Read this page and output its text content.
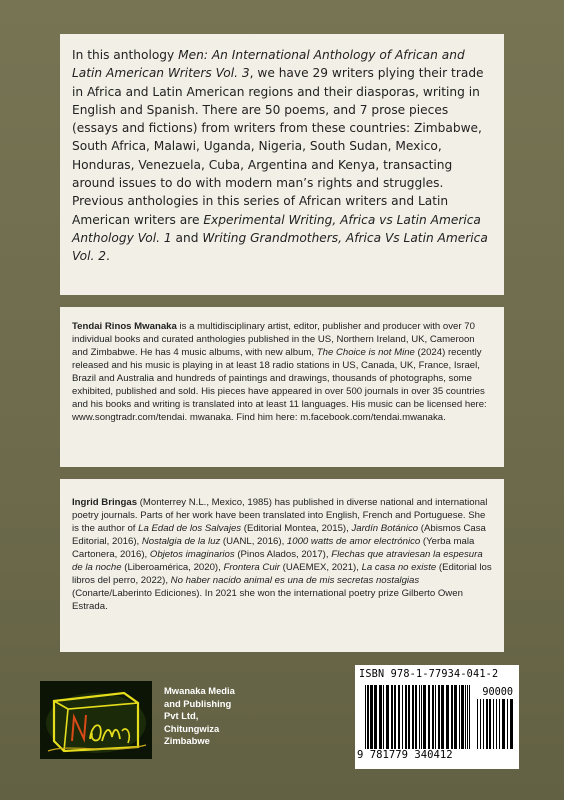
In this anthology Men: An International Anthology of African and Latin American Writers Vol. 3, we have 29 writers plying their trade in Africa and Latin American regions and their diasporas, writing in English and Spanish. There are 50 poems, and 7 prose pieces (essays and fictions) from writers from these countries: Zimbabwe, South Africa, Malawi, Uganda, Nigeria, South Sudan, Mexico, Honduras, Venezuela, Cuba, Argentina and Kenya, transacting around issues to do with modern man’s rights and struggles. Previous anthologies in this series of African writers and Latin American writers are Experimental Writing, Africa vs Latin America Anthology Vol. 1 and Writing Grandmothers, Africa Vs Latin America Vol. 2.

Tendai Rinos Mwanaka is a multidisciplinary artist, editor, publisher and producer with over 70 individual books and curated anthologies published in the US, Northern Ireland, UK, Cameroon and Zimbabwe. He has 4 music albums, with new album, The Choice is not Mine (2024) recently released and his music is playing in at least 18 radio stations in US, Canada, UK, France, Israel, Brazil and Australia and hundreds of paintings and drawings, thousands of photographs, some exhibited, published and sold. His pieces have appeared in over 500 journals in over 35 countries and his books and writing is translated into at least 11 languages. His music can be licensed here: www.songtradr.com/tendai. mwanaka. Find him here: m.facebook.com/tendai.mwanaka.

Ingrid Bringas (Monterrey N.L., Mexico, 1985) has published in diverse national and international poetry journals. Parts of her work have been translated into English, French and Portuguese. She is the author of La Edad de los Salvajes (Editorial Montea, 2015), Jardín Botánico (Abismos Casa Editorial, 2016), Nostalgia de la luz (UANL, 2016), 1000 watts de amor electrónico (Yerba mala Cartonera, 2016), Objetos imaginarios (Pinos Alados, 2017), Flechas que atraviesan la espesura de la noche (Liberoamérica, 2020), Frontera Cuir (UAEMEX, 2021), La casa no existe (Editorial los libros del perro, 2022), No haber nacido animal es una de mis secretas nostalgias (Conarte/Laberinto Ediciones). In 2021 she won the international poetry prize Gilberto Owen Estrada.

Mwanaka Media
and Publishing
Pvt Ltd,
Chitungwiza
Zimbabwe
ISBN 978-1-77934-041-2
90000
9 781779 340412
